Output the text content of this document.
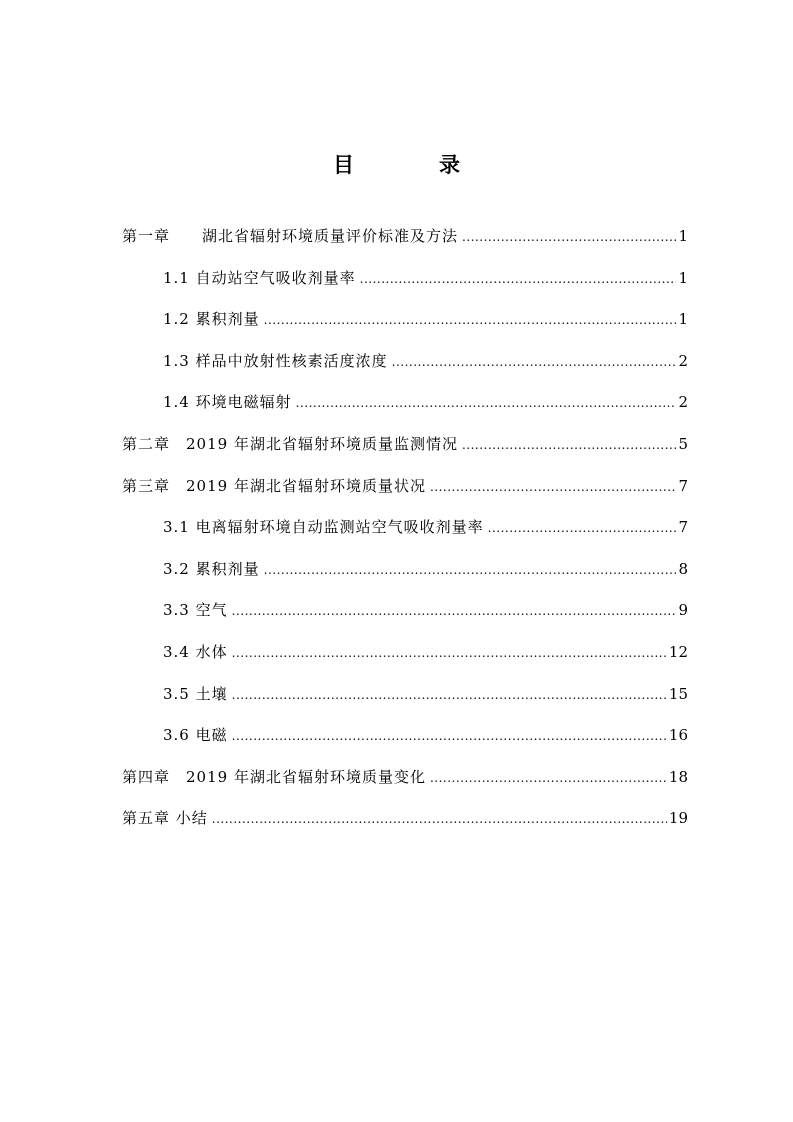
目　录
第一章　　湖北省辐射环境质量评价标准及方法 .....	1
1.1 自动站空气吸收剂量率 .....	1
1.2 累积剂量 .....	1
1.3 样品中放射性核素活度浓度 .....	2
1.4 环境电磁辐射 .....	2
第二章　2019 年湖北省辐射环境质量监测情况 .....	5
第三章　2019 年湖北省辐射环境质量状况 .....	7
3.1 电离辐射环境自动监测站空气吸收剂量率 .....	7
3.2 累积剂量 .....	8
3.3 空气 .....	9
3.4 水体 .....	12
3.5 土壤 .....	15
3.6 电磁 .....	16
第四章　2019 年湖北省辐射环境质量变化 .....	18
第五章 小结 .....	19
